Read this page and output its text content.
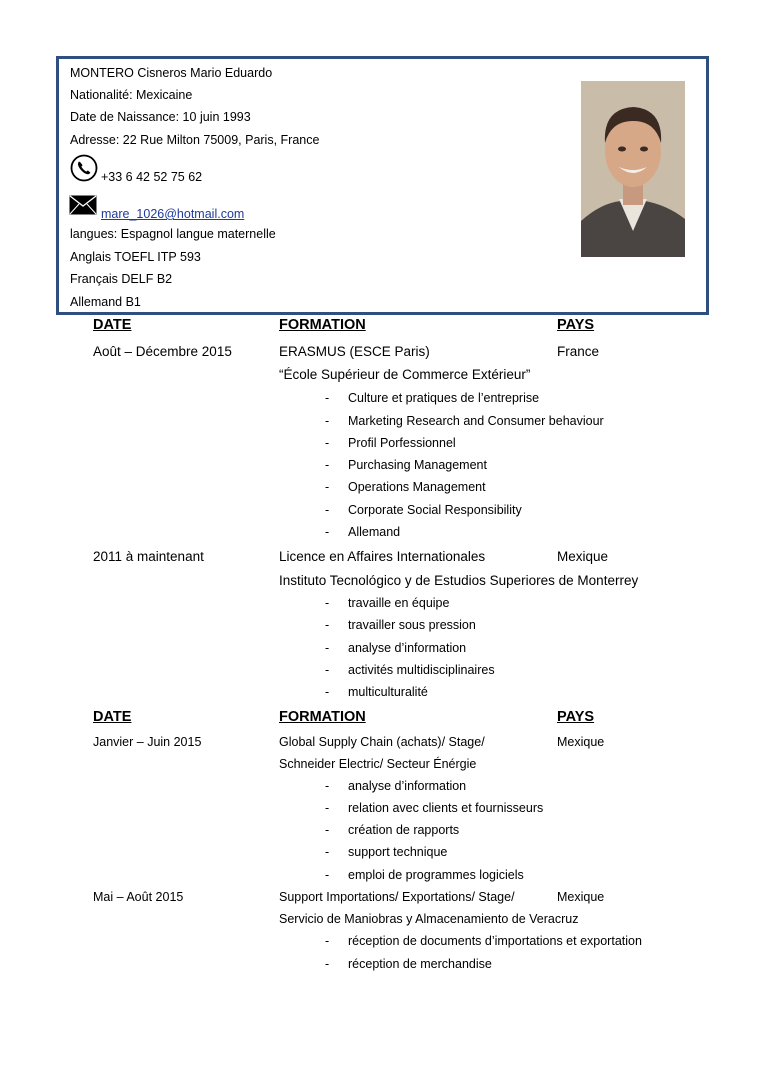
MONTERO Cisneros Mario Eduardo
Nationalité: Mexicaine
Date de Naissance: 10 juin 1993
Adresse: 22 Rue Milton 75009, Paris, France
+33 6 42 52 75 62
mare_1026@hotmail.com
langues: Espagnol langue maternelle
Anglais TOEFL ITP 593
Français DELF B2
Allemand B1
DATE	FORMATION	PAYS
Août – Décembre 2015	ERASMUS (ESCE Paris)	France
“École Supérieur de Commerce Extérieur”
- Culture et pratiques de l’entreprise
- Marketing Research and Consumer behaviour
- Profil Porfessionnel
- Purchasing Management
- Operations Management
- Corporate Social Responsibility
- Allemand
2011 à maintenant	Licence en Affaires Internationales	Mexique
Instituto Tecnológico y de Estudios Superiores de Monterrey
- travaille en équipe
- travailler sous pression
- analyse d’information
- activités multidisciplinaires
- multiculturalité
DATE	FORMATION	PAYS
Janvier – Juin 2015	Global Supply Chain (achats)/ Stage/	Mexique
Schneider Electric/ Secteur Énérgie
- analyse d’information
- relation avec clients et fournisseurs
- création de rapports
- support technique
- emploi de programmes logiciels
Mai – Août 2015	Support Importations/ Exportations/ Stage/	Mexique
Servicio de Maniobras y Almacenamiento de Veracruz
- réception de documents d’importations et exportation
- réception de merchandise
